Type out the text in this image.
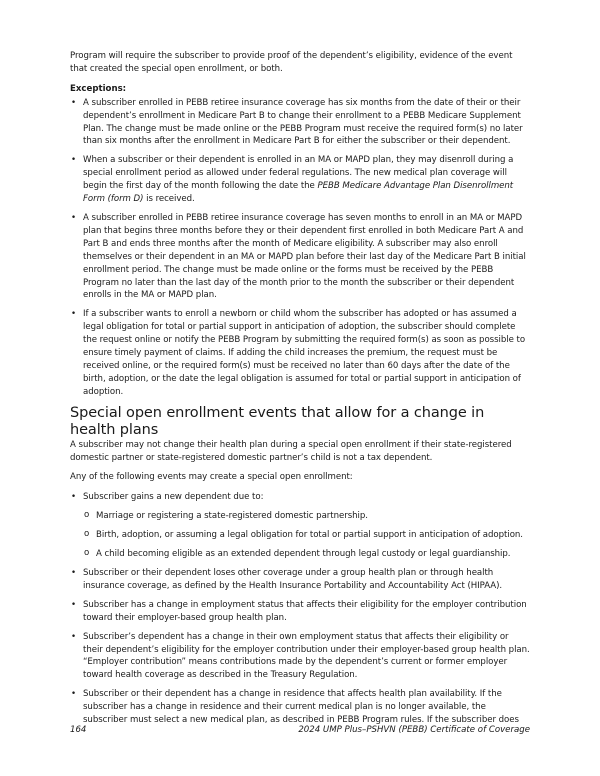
Program will require the subscriber to provide proof of the dependent’s eligibility, evidence of the event that created the special open enrollment, or both.

Exceptions:

• A subscriber enrolled in PEBB retiree insurance coverage has six months from the date of their or their dependent’s enrollment in Medicare Part B to change their enrollment to a PEBB Medicare Supplement Plan. The change must be made online or the PEBB Program must receive the required form(s) no later than six months after the enrollment in Medicare Part B for either the subscriber or their dependent.

• When a subscriber or their dependent is enrolled in an MA or MAPD plan, they may disenroll during a special enrollment period as allowed under federal regulations. The new medical plan coverage will begin the first day of the month following the date the PEBB Medicare Advantage Plan Disenrollment Form (form D) is received.

• A subscriber enrolled in PEBB retiree insurance coverage has seven months to enroll in an MA or MAPD plan that begins three months before they or their dependent first enrolled in both Medicare Part A and Part B and ends three months after the month of Medicare eligibility. A subscriber may also enroll themselves or their dependent in an MA or MAPD plan before their last day of the Medicare Part B initial enrollment period. The change must be made online or the forms must be received by the PEBB Program no later than the last day of the month prior to the month the subscriber or their dependent enrolls in the MA or MAPD plan.

• If a subscriber wants to enroll a newborn or child whom the subscriber has adopted or has assumed a legal obligation for total or partial support in anticipation of adoption, the subscriber should complete the request online or notify the PEBB Program by submitting the required form(s) as soon as possible to ensure timely payment of claims. If adding the child increases the premium, the request must be received online, or the required form(s) must be received no later than 60 days after the date of the birth, adoption, or the date the legal obligation is assumed for total or partial support in anticipation of adoption.

Special open enrollment events that allow for a change in health plans

A subscriber may not change their health plan during a special open enrollment if their state-registered domestic partner or state-registered domestic partner’s child is not a tax dependent.

Any of the following events may create a special open enrollment:

• Subscriber gains a new dependent due to:

o Marriage or registering a state-registered domestic partnership.

o Birth, adoption, or assuming a legal obligation for total or partial support in anticipation of adoption.

o A child becoming eligible as an extended dependent through legal custody or legal guardianship.

• Subscriber or their dependent loses other coverage under a group health plan or through health insurance coverage, as defined by the Health Insurance Portability and Accountability Act (HIPAA).

• Subscriber has a change in employment status that affects their eligibility for the employer contribution toward their employer-based group health plan.

• Subscriber’s dependent has a change in their own employment status that affects their eligibility or their dependent’s eligibility for the employer contribution under their employer-based group health plan. “Employer contribution” means contributions made by the dependent’s current or former employer toward health coverage as described in the Treasury Regulation.

• Subscriber or their dependent has a change in residence that affects health plan availability. If the subscriber has a change in residence and their current medical plan is no longer available, the subscriber must select a new medical plan, as described in PEBB Program rules. If the subscriber does

164	2024 UMP Plus–PSHVN (PEBB) Certificate of Coverage
